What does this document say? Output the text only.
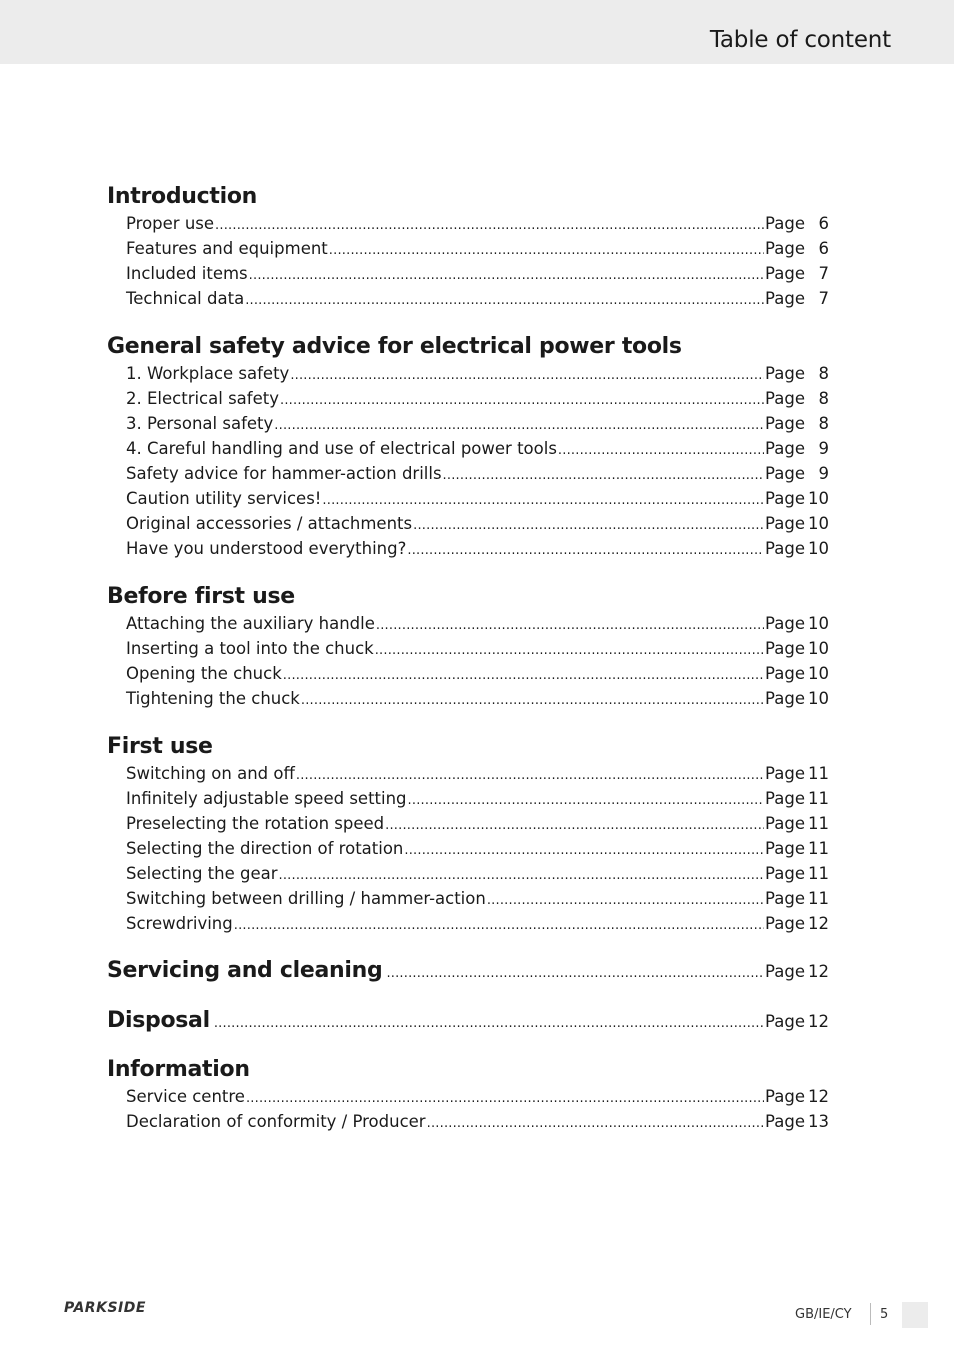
Table of content
Introduction
Proper use .....	Page 6
Features and equipment .....	Page 6
Included items .....	Page 7
Technical data .....	Page 7
General safety advice for electrical power tools
1. Workplace safety .....	Page 8
2. Electrical safety .....	Page 8
3. Personal safety .....	Page 8
4. Careful handling and use of electrical power tools .....	Page 9
Safety advice for hammer-action drills .....	Page 9
Caution utility services! .....	Page 10
Original accessories / attachments .....	Page 10
Have you understood everything? .....	Page 10
Before first use
Attaching the auxiliary handle .....	Page 10
Inserting a tool into the chuck .....	Page 10
Opening the chuck .....	Page 10
Tightening the chuck .....	Page 10
First use
Switching on and off .....	Page 11
Infinitely adjustable speed setting .....	Page 11
Preselecting the rotation speed .....	Page 11
Selecting the direction of rotation .....	Page 11
Selecting the gear .....	Page 11
Switching between drilling / hammer-action .....	Page 11
Screwdriving .....	Page 12
Servicing and cleaning .....	Page 12
Disposal .....	Page 12
Information
Service centre .....	Page 12
Declaration of conformity / Producer .....	Page 13
PARKSIDE	GB/IE/CY 5
